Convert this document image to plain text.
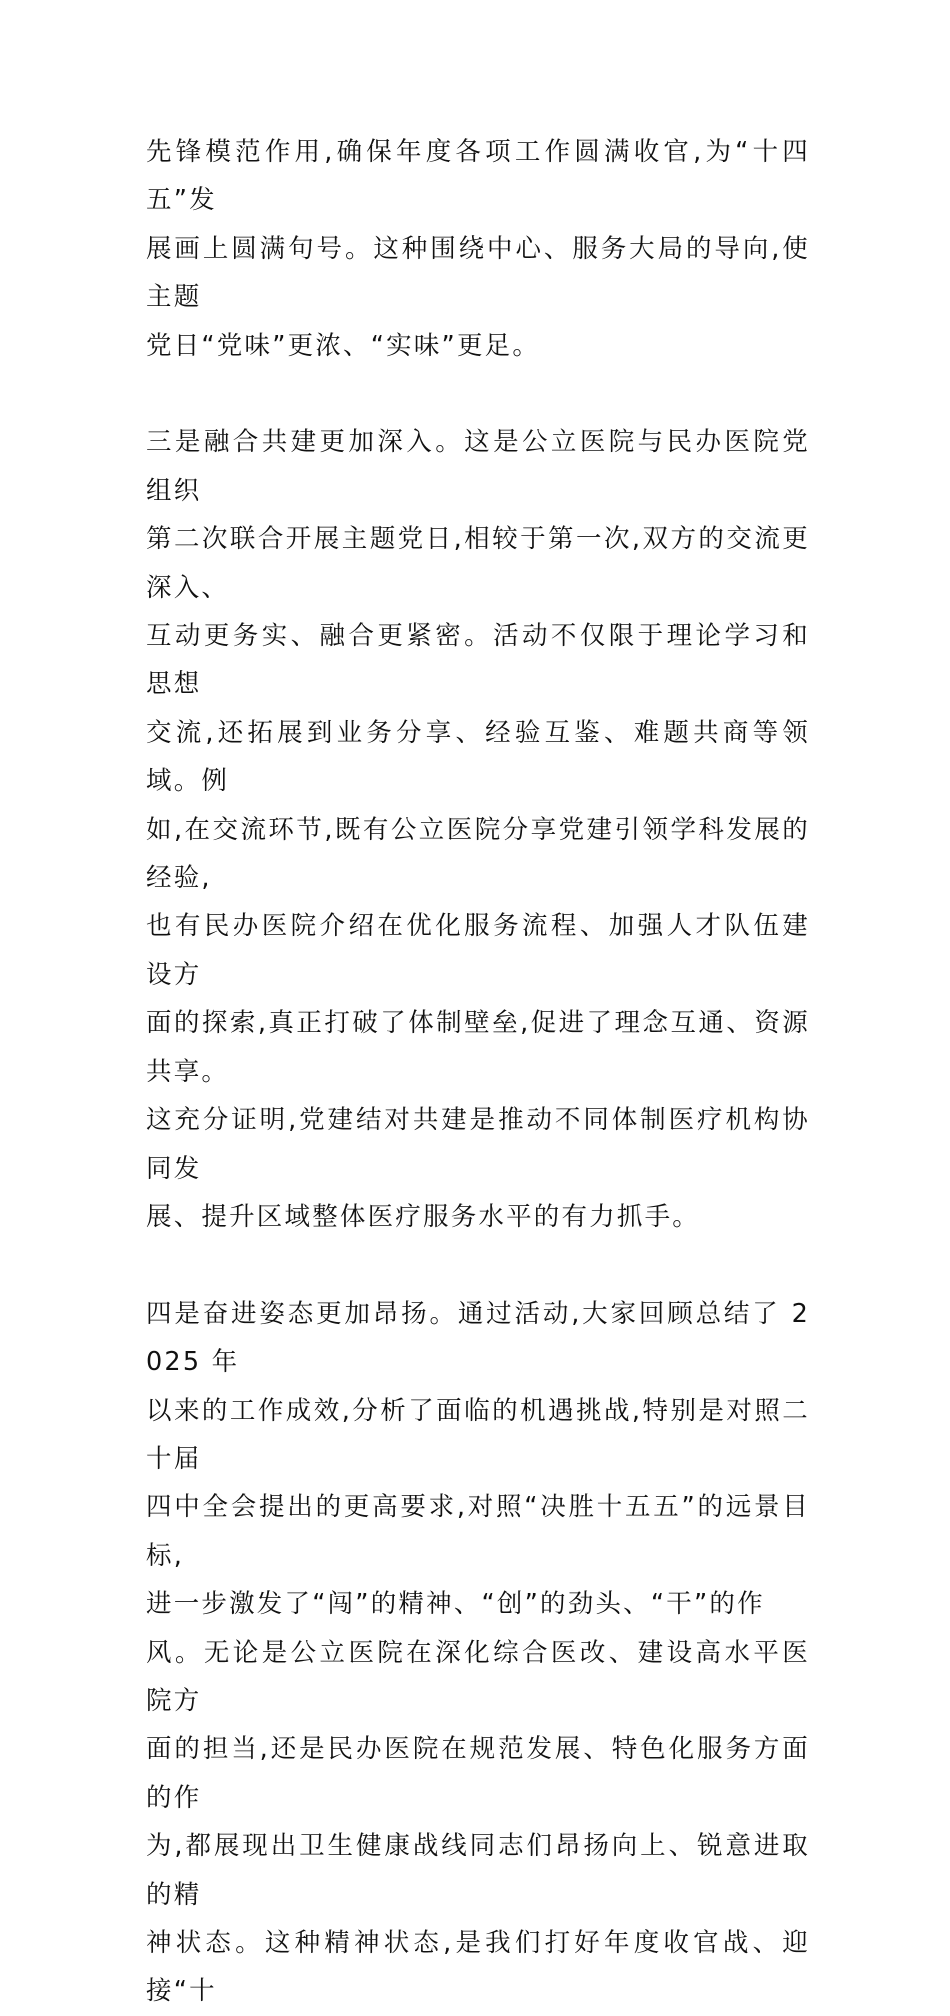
先锋模范作用,确保年度各项工作圆满收官,为“十四五”发
展画上圆满句号。这种围绕中心、服务大局的导向,使主题
党日“党味”更浓、“实味”更足。
三是融合共建更加深入。这是公立医院与民办医院党组织
第二次联合开展主题党日,相较于第一次,双方的交流更深入、
互动更务实、融合更紧密。活动不仅限于理论学习和思想
交流,还拓展到业务分享、经验互鉴、难题共商等领域。例
如,在交流环节,既有公立医院分享党建引领学科发展的经验,
也有民办医院介绍在优化服务流程、加强人才队伍建设方
面的探索,真正打破了体制壁垒,促进了理念互通、资源共享。
这充分证明,党建结对共建是推动不同体制医疗机构协同发
展、提升区域整体医疗服务水平的有力抓手。
四是奋进姿态更加昂扬。通过活动,大家回顾总结了 2025 年
以来的工作成效,分析了面临的机遇挑战,特别是对照二十届
四中全会提出的更高要求,对照“决胜十五五”的远景目标,
进一步激发了“闯”的精神、“创”的劲头、“干”的作
风。无论是公立医院在深化综合医改、建设高水平医院方
面的担当,还是民办医院在规范发展、特色化服务方面的作
为,都展现出卫生健康战线同志们昂扬向上、锐意进取的精
神状态。这种精神状态,是我们打好年度收官战、迎接“十
